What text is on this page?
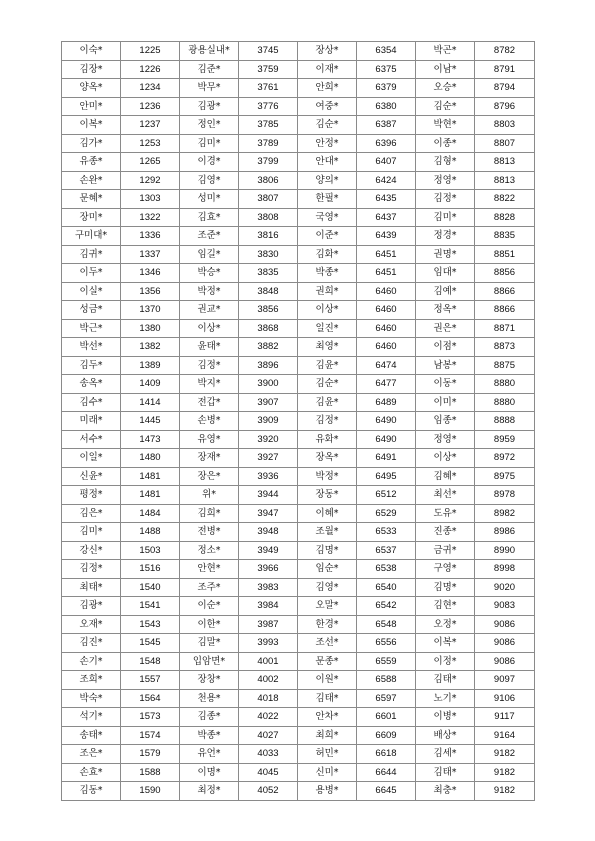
이숙*	1225	광용실내*	3745	장상*	6354	박곤*	8782
김장*	1226	김준*	3759	이재*	6375	이남*	8791
양옥*	1234	박무*	3761	안희*	6379	오승*	8794
안미*	1236	김광*	3776	여중*	6380	김순*	8796
이복*	1237	정인*	3785	김순*	6387	박현*	8803
김가*	1253	김미*	3789	안정*	6396	이종*	8807
유종*	1265	이경*	3799	안대*	6407	김형*	8813
손완*	1292	김영*	3806	양의*	6424	정영*	8813
문혜*	1303	성미*	3807	한필*	6435	김정*	8822
장미*	1322	김효*	3808	국영*	6437	김미*	8828
구미대*	1336	조준*	3816	이준*	6439	정경*	8835
김귀*	1337	임길*	3830	김화*	6451	권명*	8851
이두*	1346	박승*	3835	박종*	6451	임대*	8856
이실*	1356	박정*	3848	권희*	6460	김예*	8866
성금*	1370	권교*	3856	이상*	6460	정옥*	8866
박근*	1380	이상*	3868	일진*	6460	권은*	8871
박선*	1382	윤태*	3882	최영*	6460	이점*	8873
김두*	1389	김정*	3896	김윤*	6474	남봉*	8875
송옥*	1409	박지*	3900	김순*	6477	이동*	8880
김수*	1414	전갑*	3907	김윤*	6489	이미*	8880
미래*	1445	손병*	3909	김정*	6490	임종*	8888
서수*	1473	유영*	3920	유화*	6490	정영*	8959
이일*	1480	장재*	3927	장옥*	6491	이상*	8972
신윤*	1481	장은*	3936	박정*	6495	김혜*	8975
평정*	1481	위*	3944	장동*	6512	최선*	8978
김은*	1484	김희*	3947	이혜*	6529	도유*	8982
김미*	1488	전병*	3948	조월*	6533	진종*	8986
강신*	1503	정소*	3949	김명*	6537	금귀*	8990
김정*	1516	안현*	3966	임순*	6538	구영*	8998
최태*	1540	조주*	3983	김영*	6540	김명*	9020
김광*	1541	이순*	3984	오말*	6542	김현*	9083
오재*	1543	이한*	3987	한경*	6548	오정*	9086
김진*	1545	김말*	3993	조선*	6556	이복*	9086
손기*	1548	입암면*	4001	문종*	6559	이정*	9086
조희*	1557	장창*	4002	이원*	6588	김태*	9097
박숙*	1564	천용*	4018	김태*	6597	노기*	9106
석기*	1573	김종*	4022	안차*	6601	이병*	9117
송태*	1574	박종*	4027	최희*	6609	배상*	9164
조은*	1579	유언*	4033	허민*	6618	김세*	9182
손효*	1588	이명*	4045	신미*	6644	김태*	9182
김동*	1590	최정*	4052	용병*	6645	최충*	9182
